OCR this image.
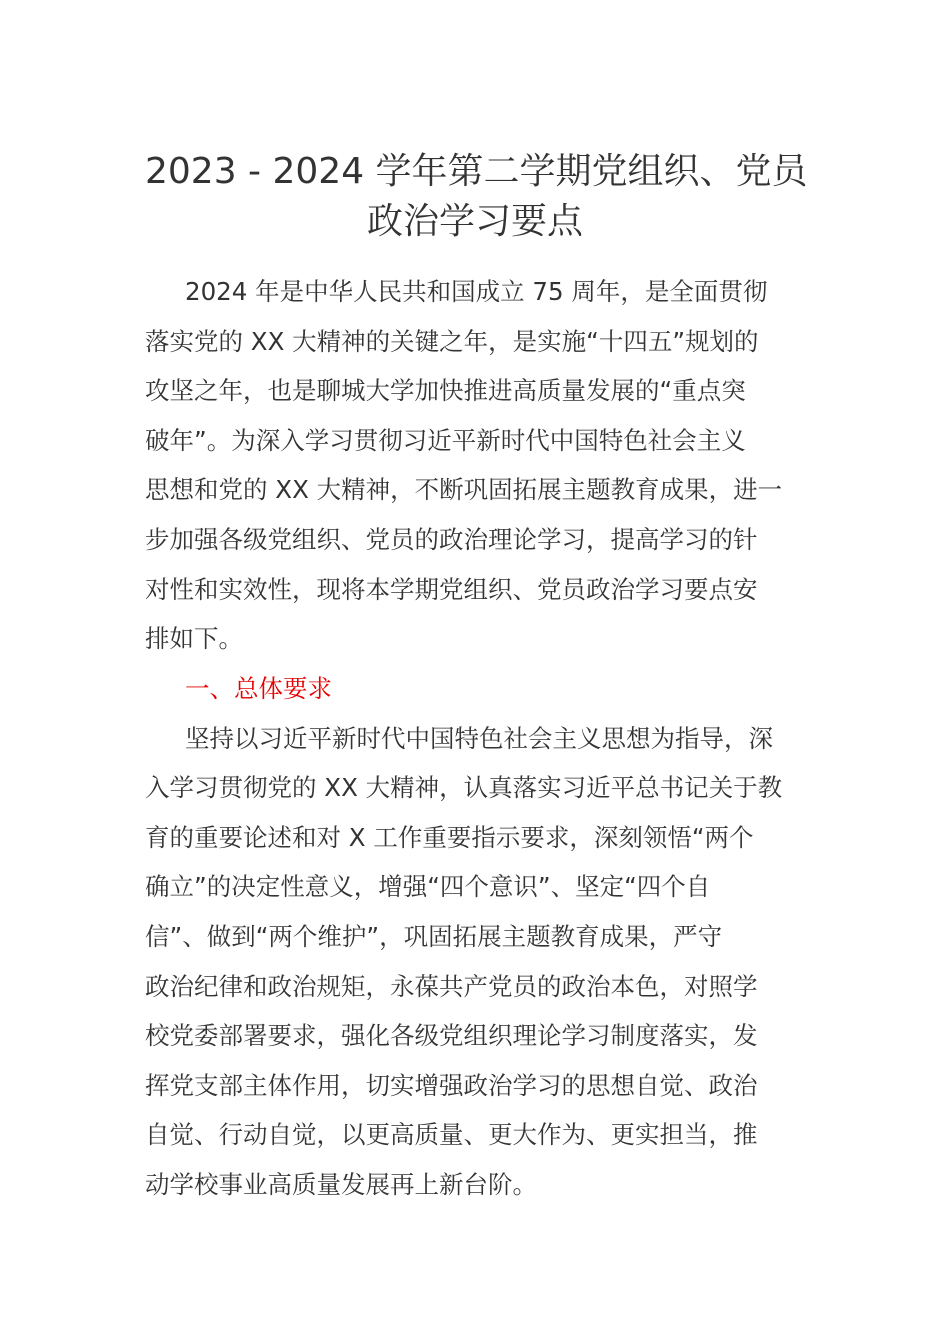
2023 - 2024 学年第二学期党组织、党员
政治学习要点
2024 年是中华人民共和国成立 75 周年，是全面贯彻
落实党的 XX 大精神的关键之年，是实施“十四五”规划的
攻坚之年，也是聊城大学加快推进高质量发展的“重点突
破年”。为深入学习贯彻习近平新时代中国特色社会主义
思想和党的 XX 大精神，不断巩固拓展主题教育成果，进一
步加强各级党组织、党员的政治理论学习，提高学习的针
对性和实效性，现将本学期党组织、党员政治学习要点安
排如下。
一、总体要求
坚持以习近平新时代中国特色社会主义思想为指导，深
入学习贯彻党的 XX 大精神，认真落实习近平总书记关于教
育的重要论述和对 X 工作重要指示要求，深刻领悟“两个
确立”的决定性意义，增强“四个意识”、坚定“四个自
信”、做到“两个维护”，巩固拓展主题教育成果，严守
政治纪律和政治规矩，永葆共产党员的政治本色，对照学
校党委部署要求，强化各级党组织理论学习制度落实，发
挥党支部主体作用，切实增强政治学习的思想自觉、政治
自觉、行动自觉，以更高质量、更大作为、更实担当，推
动学校事业高质量发展再上新台阶。
